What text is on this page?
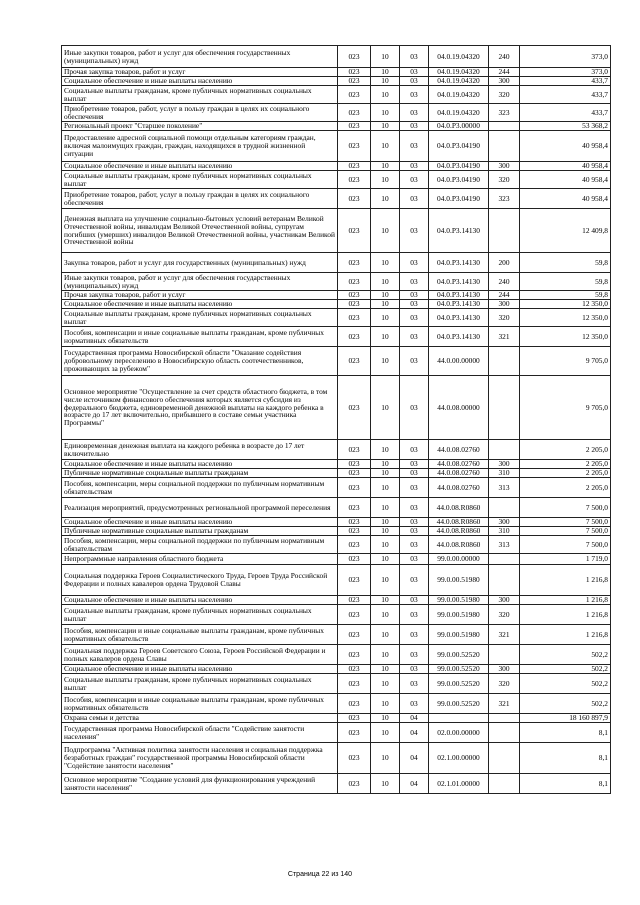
Иные закупки товаров, работ и услуг для обеспечения государственных (муниципальных) нужд	023	10	03	04.0.19.04320	240	373,0
Прочая закупка товаров, работ и услуг	023	10	03	04.0.19.04320	244	373,0
Социальное обеспечение и иные выплаты населению	023	10	03	04.0.19.04320	300	433,7
Социальные выплаты гражданам, кроме публичных нормативных социальных выплат	023	10	03	04.0.19.04320	320	433,7
Приобретение товаров, работ, услуг в пользу граждан в целях их социального обеспечения	023	10	03	04.0.19.04320	323	433,7
Региональный проект "Старшее поколение"	023	10	03	04.0.Р3.00000		53 368,2
Предоставление адресной социальной помощи отдельным категориям граждан, включая малоимущих граждан, граждан, находящихся в трудной жизненной ситуации	023	10	03	04.0.Р3.04190		40 958,4
Социальное обеспечение и иные выплаты населению	023	10	03	04.0.Р3.04190	300	40 958,4
Социальные выплаты гражданам, кроме публичных нормативных социальных выплат	023	10	03	04.0.Р3.04190	320	40 958,4
Приобретение товаров, работ, услуг в пользу граждан в целях их социального обеспечения	023	10	03	04.0.Р3.04190	323	40 958,4
Денежная выплата на улучшение социально-бытовых условий ветеранам Великой Отечественной войны, инвалидам Великой Отечественной войны, супругам погибших (умерших) инвалидов Великой Отечественной войны, участникам Великой Отечественной войны	023	10	03	04.0.Р3.14130		12 409,8
Закупка товаров, работ и услуг для государственных (муниципальных) нужд	023	10	03	04.0.Р3.14130	200	59,8
Иные закупки товаров, работ и услуг для обеспечения государственных (муниципальных) нужд	023	10	03	04.0.Р3.14130	240	59,8
Прочая закупка товаров, работ и услуг	023	10	03	04.0.Р3.14130	244	59,8
Социальное обеспечение и иные выплаты населению	023	10	03	04.0.Р3.14130	300	12 350,0
Социальные выплаты гражданам, кроме публичных нормативных социальных выплат	023	10	03	04.0.Р3.14130	320	12 350,0
Пособия, компенсации и иные социальные выплаты гражданам, кроме публичных нормативных обязательств	023	10	03	04.0.Р3.14130	321	12 350,0
Государственная программа Новосибирской области "Оказание содействия добровольному переселению в Новосибирскую область соотечественников, проживающих за рубежом"	023	10	03	44.0.00.00000		9 705,0
Основное мероприятие "Осуществление за счет средств областного бюджета, в том числе источником финансового обеспечения которых является субсидия из федерального бюджета, единовременной денежной выплаты на каждого ребенка в возрасте до 17 лет включительно, прибывшего в составе семьи участника Программы"	023	10	03	44.0.08.00000		9 705,0
Единовременная денежная выплата на каждого ребенка в возрасте до 17 лет включительно	023	10	03	44.0.08.02760		2 205,0
Социальное обеспечение и иные выплаты населению	023	10	03	44.0.08.02760	300	2 205,0
Публичные нормативные социальные выплаты гражданам	023	10	03	44.0.08.02760	310	2 205,0
Пособия, компенсации, меры социальной поддержки по публичным нормативным обязательствам	023	10	03	44.0.08.02760	313	2 205,0
Реализация мероприятий, предусмотренных региональной программой переселения	023	10	03	44.0.08.R0860		7 500,0
Социальное обеспечение и иные выплаты населению	023	10	03	44.0.08.R0860	300	7 500,0
Публичные нормативные социальные выплаты гражданам	023	10	03	44.0.08.R0860	310	7 500,0
Пособия, компенсации, меры социальной поддержки по публичным нормативным обязательствам	023	10	03	44.0.08.R0860	313	7 500,0
Непрограммные направления областного бюджета	023	10	03	99.0.00.00000		1 719,0
Социальная поддержка Героев Социалистического Труда, Героев Труда Российской Федерации и полных кавалеров ордена Трудовой Славы	023	10	03	99.0.00.51980		1 216,8
Социальное обеспечение и иные выплаты населению	023	10	03	99.0.00.51980	300	1 216,8
Социальные выплаты гражданам, кроме публичных нормативных социальных выплат	023	10	03	99.0.00.51980	320	1 216,8
Пособия, компенсации и иные социальные выплаты гражданам, кроме публичных нормативных обязательств	023	10	03	99.0.00.51980	321	1 216,8
Социальная поддержка Героев Советского Союза, Героев Российской Федерации и полных кавалеров ордена Славы	023	10	03	99.0.00.52520		502,2
Социальное обеспечение и иные выплаты населению	023	10	03	99.0.00.52520	300	502,2
Социальные выплаты гражданам, кроме публичных нормативных социальных выплат	023	10	03	99.0.00.52520	320	502,2
Пособия, компенсации и иные социальные выплаты гражданам, кроме публичных нормативных обязательств	023	10	03	99.0.00.52520	321	502,2
Охрана семьи и детства	023	10	04			18 160 897,9
Государственная программа Новосибирской области "Содействие занятости населения"	023	10	04	02.0.00.00000		8,1
Подпрограмма "Активная политика занятости населения и социальная поддержка безработных граждан" государственной программы Новосибирской области "Содействие занятости населения"	023	10	04	02.1.00.00000		8,1
Основное мероприятие "Создание условий для функционирования учреждений занятости населения"	023	10	04	02.1.01.00000		8,1
Страница 22 из 140
